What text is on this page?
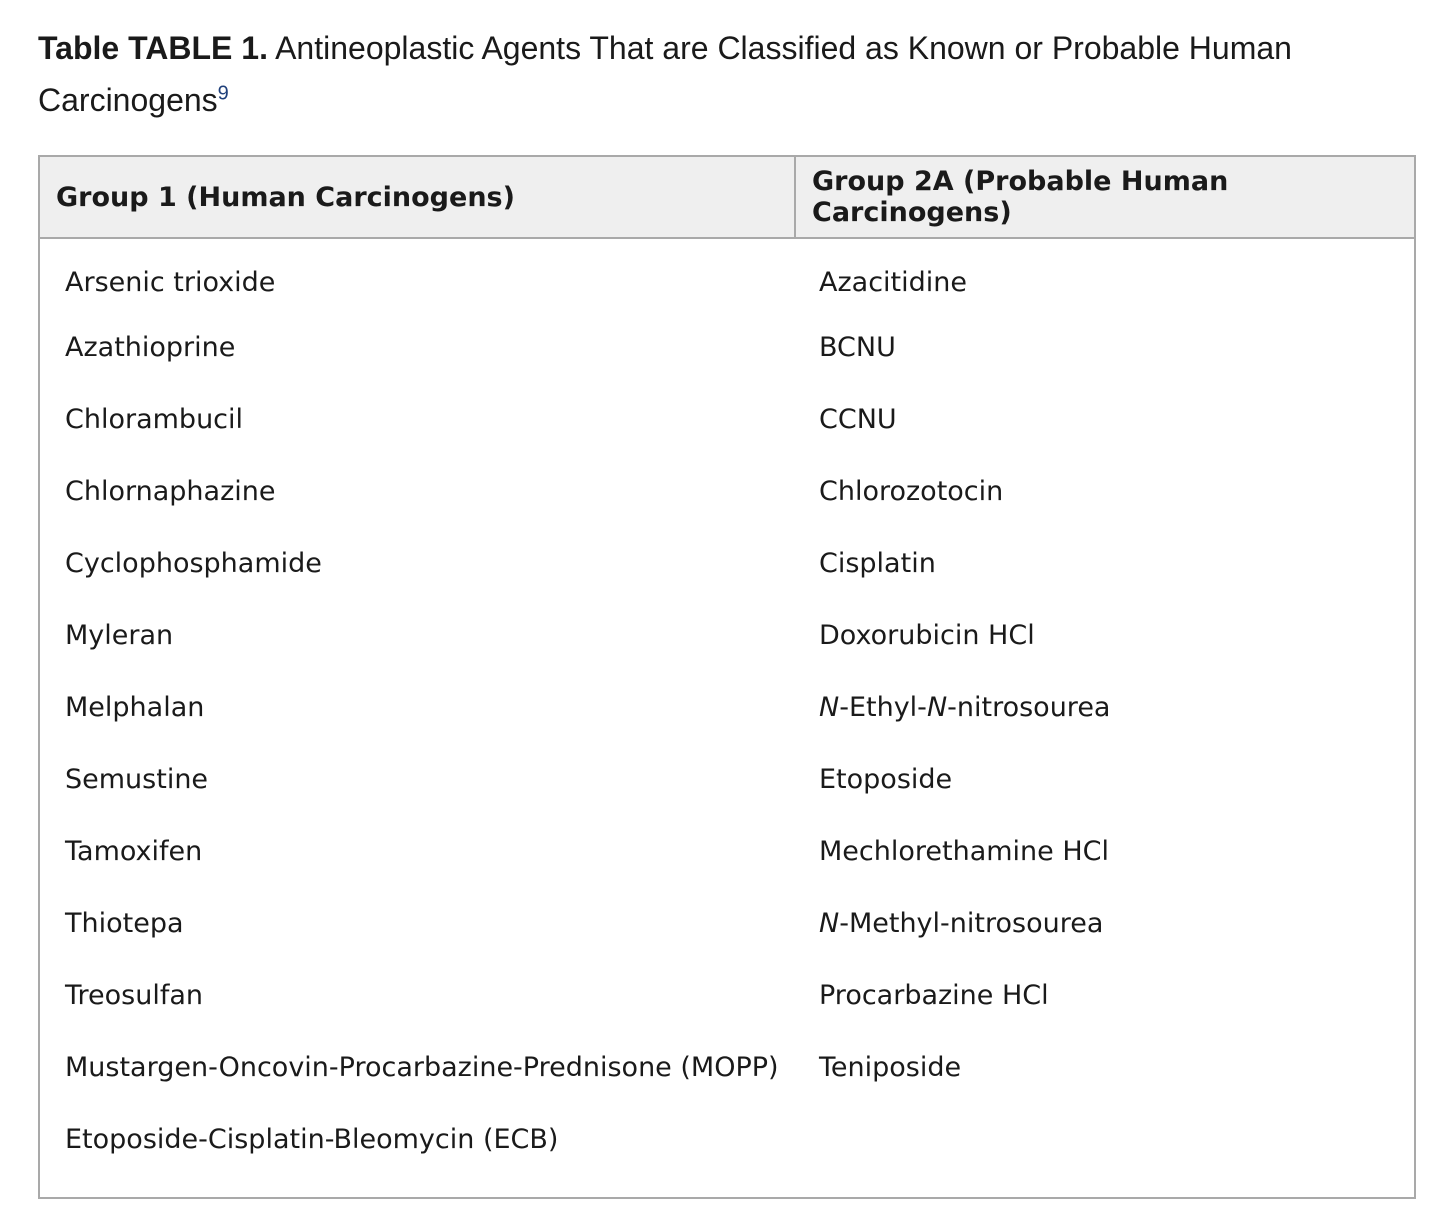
Table TABLE 1. Antineoplastic Agents That are Classified as Known or Probable Human Carcinogens$^9$
Group 1 (Human Carcinogens)	Group 2A (Probable Human Carcinogens)
Arsenic trioxide	Azacitidine
Azathioprine	BCNU
Chlorambucil	CCNU
Chlornaphazine	Chlorozotocin
Cyclophosphamide	Cisplatin
Myleran	Doxorubicin HCl
Melphalan	N-Ethyl-N-nitrosourea
Semustine	Etoposide
Tamoxifen	Mechlorethamine HCl
Thiotepa	N-Methyl-nitrosourea
Treosulfan	Procarbazine HCl
Mustargen-Oncovin-Procarbazine-Prednisone (MOPP)	Teniposide
Etoposide-Cisplatin-Bleomycin (ECB)	
